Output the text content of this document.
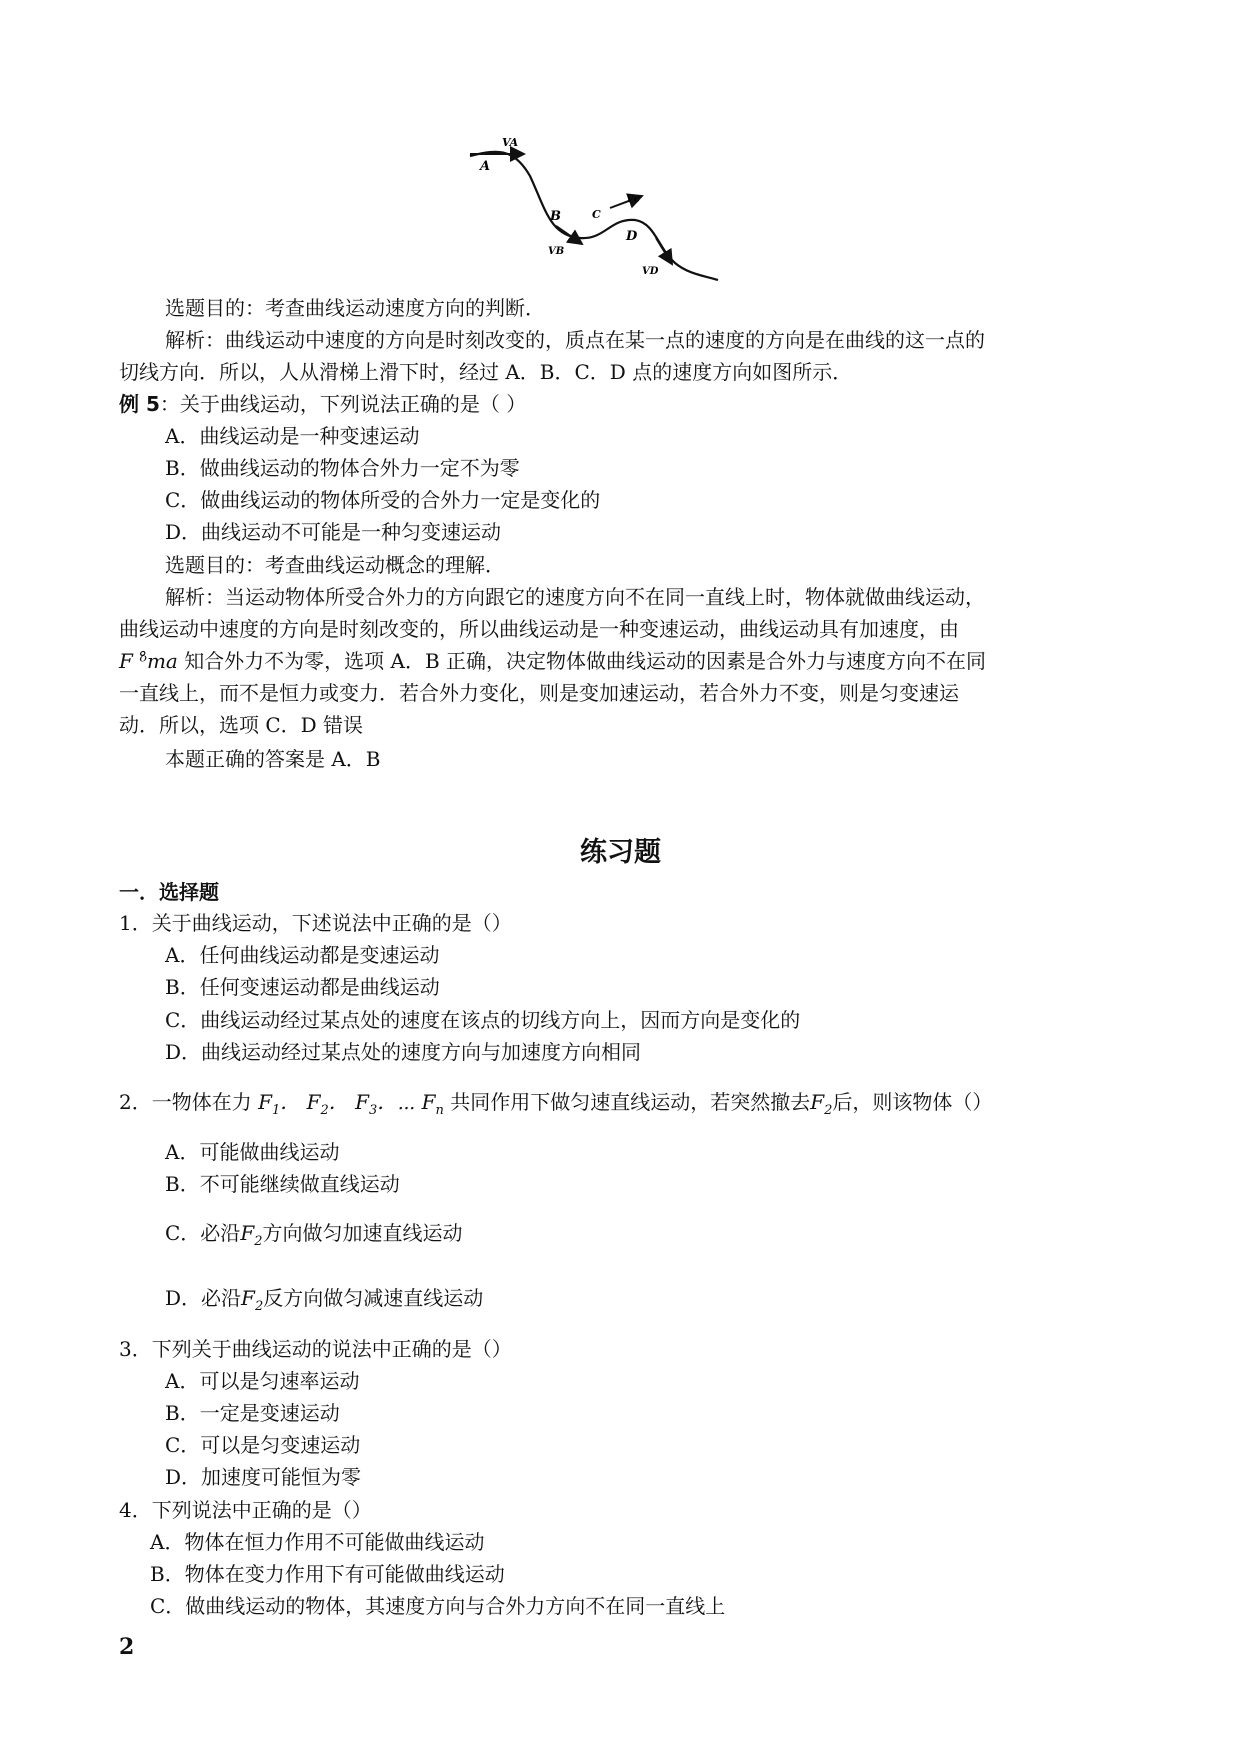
VA
A
B
VB
C
Vc
D
VD
选题目的：考查曲线运动速度方向的判断．
解析：曲线运动中速度的方向是时刻改变的，质点在某一点的速度的方向是在曲线的这一点的
切线方向．所以，人从滑梯上滑下时，经过 A．B．C．D 点的速度方向如图所示．
例 5：关于曲线运动，下列说法正确的是（ ）
A．曲线运动是一种变速运动
B．做曲线运动的物体合外力一定不为零
C．做曲线运动的物体所受的合外力一定是变化的
D．曲线运动不可能是一种匀变速运动
选题目的：考查曲线运动概念的理解．
解析：当运动物体所受合外力的方向跟它的速度方向不在同一直线上时，物体就做曲线运动，
曲线运动中速度的方向是时刻改变的，所以曲线运动是一种变速运动，曲线运动具有加速度，由
F ᵒ̊ma 知合外力不为零，选项 A．B 正确，决定物体做曲线运动的因素是合外力与速度方向不在同
一直线上，而不是恒力或变力．若合外力变化，则是变加速运动，若合外力不变，则是匀变速运
动．所以，选项 C．D 错误
本题正确的答案是 A．B
练习题
一．选择题
1．关于曲线运动，下述说法中正确的是（）
A．任何曲线运动都是变速运动
B．任何变速运动都是曲线运动
C．曲线运动经过某点处的速度在该点的切线方向上，因而方向是变化的
D．曲线运动经过某点处的速度方向与加速度方向相同
2．一物体在力 $F_1$． $F_2$． $F_3$．⋯ $F_n$ 共同作用下做匀速直线运动，若突然撤去$F_2$后，则该物体（）
A．可能做曲线运动
B．不可能继续做直线运动
C．必沿$F_2$方向做匀加速直线运动
D．必沿$F_2$反方向做匀减速直线运动
3．下列关于曲线运动的说法中正确的是（）
A．可以是匀速率运动
B．一定是变速运动
C．可以是匀变速运动
D．加速度可能恒为零
4．下列说法中正确的是（）
A．物体在恒力作用不可能做曲线运动
B．物体在变力作用下有可能做曲线运动
C．做曲线运动的物体，其速度方向与合外力方向不在同一直线上
2
